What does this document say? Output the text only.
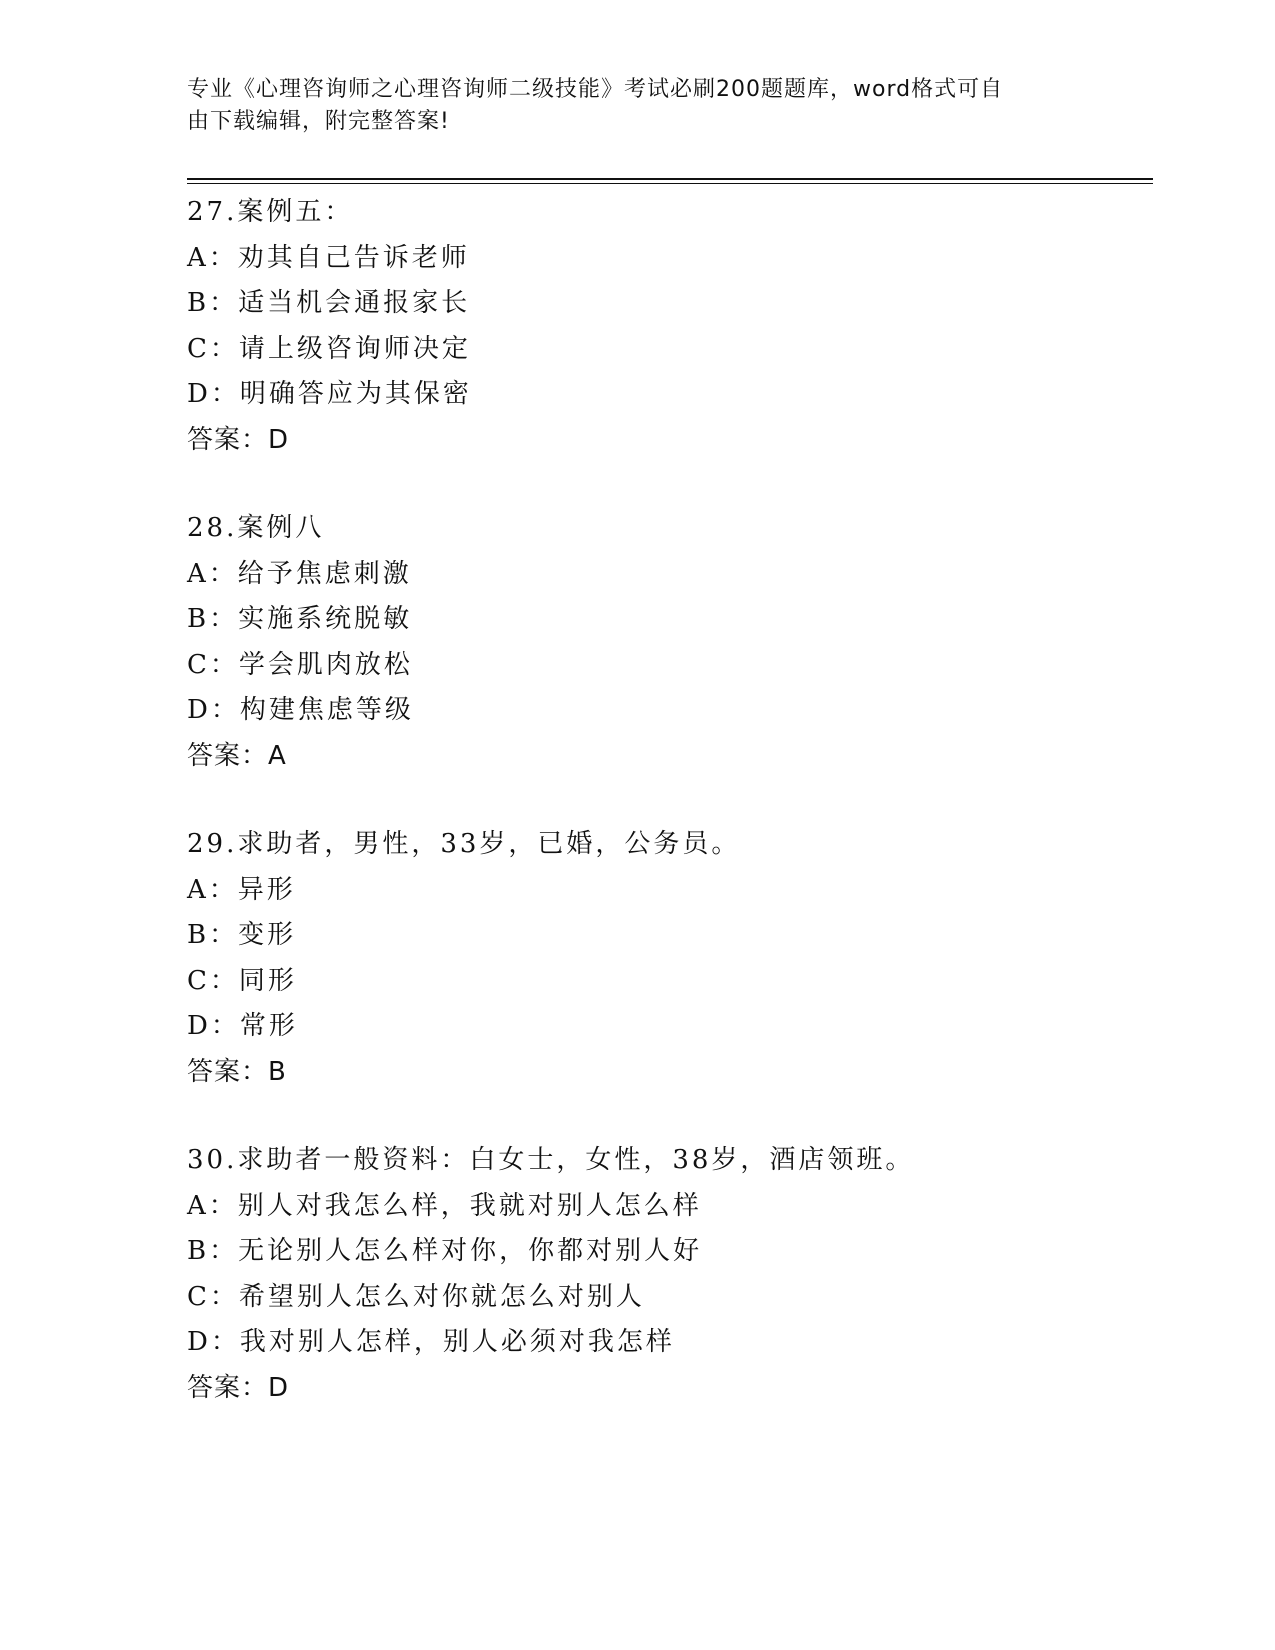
专业《心理咨询师之心理咨询师二级技能》考试必刷200题题库，word格式可自
由下载编辑，附完整答案!
27.案例五：
A：劝其自己告诉老师
B：适当机会通报家长
C：请上级咨询师决定
D：明确答应为其保密
答案：D
28.案例八
A：给予焦虑刺激
B：实施系统脱敏
C：学会肌肉放松
D：构建焦虑等级
答案：A
29.求助者，男性，33岁，已婚，公务员。
A：异形
B：变形
C：同形
D：常形
答案：B
30.求助者一般资料：白女士，女性，38岁，酒店领班。
A：别人对我怎么样，我就对别人怎么样
B：无论别人怎么样对你，你都对别人好
C：希望别人怎么对你就怎么对别人
D：我对别人怎样，别人必须对我怎样
答案：D
